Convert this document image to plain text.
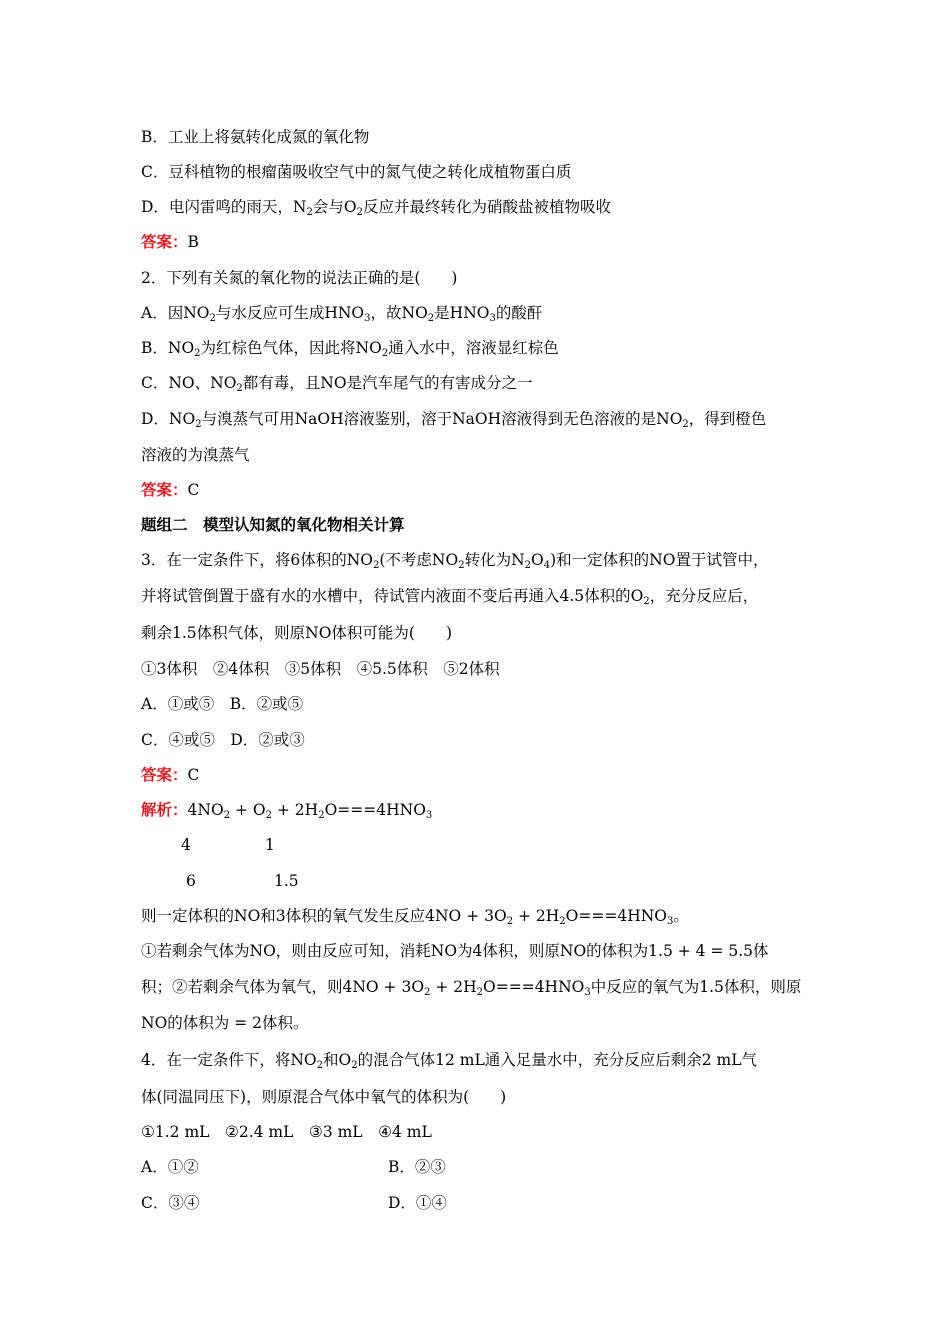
B．工业上将氨转化成氮的氧化物
C．豆科植物的根瘤菌吸收空气中的氮气使之转化成植物蛋白质
D．电闪雷鸣的雨天，$N_2$会与$O_2$反应并最终转化为硝酸盐被植物吸收
答案：B
2．下列有关氮的氧化物的说法正确的是(　　)
A．因$NO_2$与水反应可生成$HNO_3$，故$NO_2$是$HNO_3$的酸酐
B．$NO_2$为红棕色气体，因此将$NO_2$通入水中，溶液显红棕色
C．NO、$NO_2$都有毒，且NO是汽车尾气的有害成分之一
D．$NO_2$与溴蒸气可用NaOH溶液鉴别，溶于NaOH溶液得到无色溶液的是$NO_2$，得到橙色
溶液的为溴蒸气
答案：C
题组二　模型认知氮的氧化物相关计算
3．在一定条件下，将6体积的$NO_2$(不考虑$NO_2$转化为$N_2O_4$)和一定体积的NO置于试管中，
并将试管倒置于盛有水的水槽中，待试管内液面不变后再通入4.5体积的$O_2$，充分反应后，
剩余1.5体积气体，则原NO体积可能为(　　)
①3体积　②4体积　③5体积　④5.5体积　⑤2体积
A．①或⑤　B．②或⑤
C．④或⑤　D．②或③
答案：C
解析：$4NO_2 + O_2 + 2H_2O===4HNO_3$
4	1
6	1.5
则一定体积的NO和3体积的氧气发生反应$4NO + 3O_2 + 2H_2O===4HNO_3$。
①若剩余气体为NO，则由反应可知，消耗NO为4体积，则原NO的体积为1.5 + 4 = 5.5体
积；②若剩余气体为氧气，则$4NO + 3O_2 + 2H_2O===4HNO_3$中反应的氧气为1.5体积，则原
NO的体积为 = 2体积。
4．在一定条件下，将$NO_2$和$O_2$的混合气体12 mL通入足量水中，充分反应后剩余2 mL气
体(同温同压下)，则原混合气体中氧气的体积为(　　)
①1.2 mL　②2.4 mL　③3 mL　④4 mL
A．①②	B．②③
C．③④	D．①④
